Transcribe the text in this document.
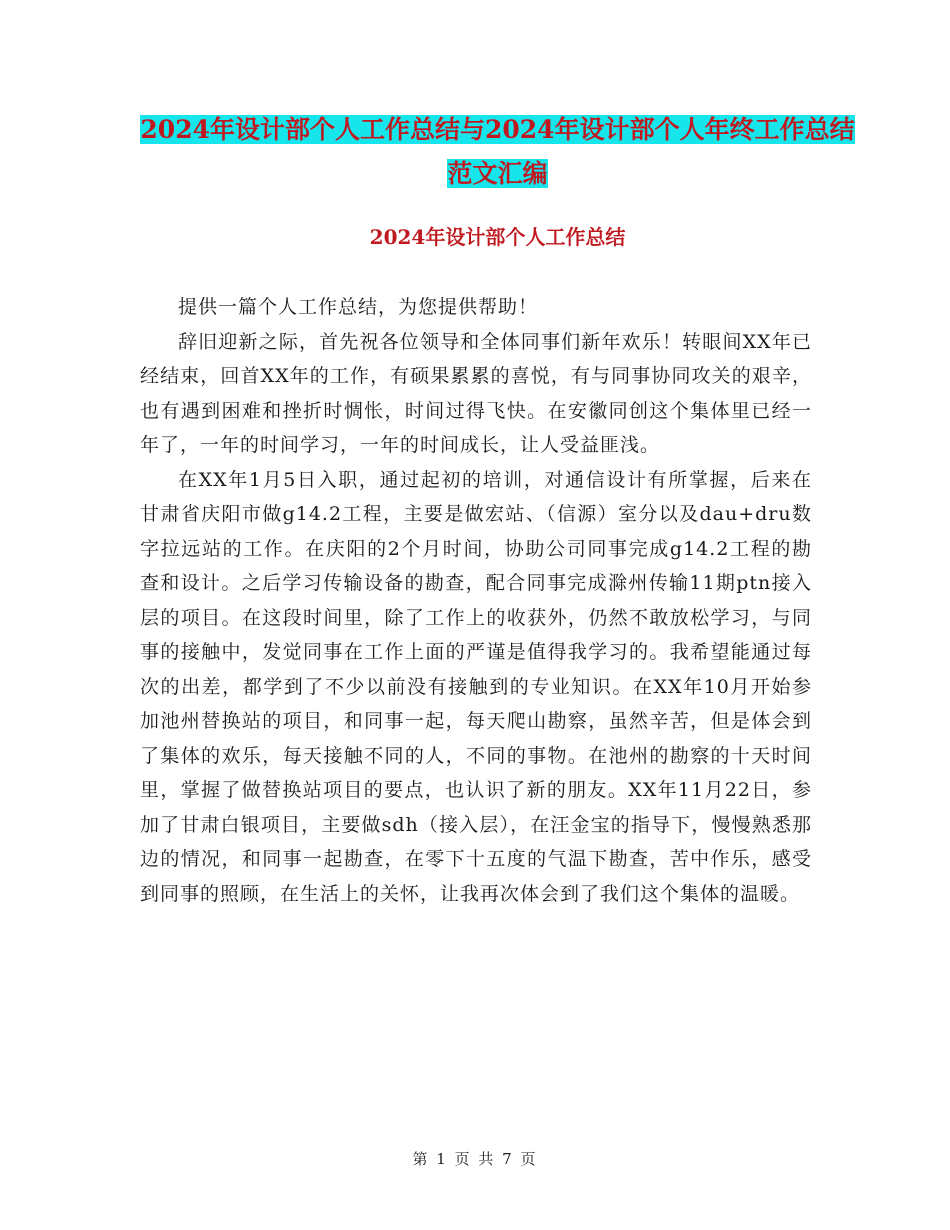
2024年设计部个人工作总结与2024年设计部个人年终工作总结范文汇编
2024年设计部个人工作总结

提供一篇个人工作总结，为您提供帮助！

辞旧迎新之际，首先祝各位领导和全体同事们新年欢乐！转眼间XX年已经结束，回首XX年的工作，有硕果累累的喜悦，有与同事协同攻关的艰辛，也有遇到困难和挫折时惆怅，时间过得飞快。在安徽同创这个集体里已经一年了，一年的时间学习，一年的时间成长，让人受益匪浅。

在XX年1月5日入职，通过起初的培训，对通信设计有所掌握，后来在甘肃省庆阳市做g14.2工程，主要是做宏站、（信源）室分以及dau+dru数字拉远站的工作。在庆阳的2个月时间，协助公司同事完成g14.2工程的勘查和设计。之后学习传输设备的勘查，配合同事完成滁州传输11期ptn接入层的项目。在这段时间里，除了工作上的收获外，仍然不敢放松学习，与同事的接触中，发觉同事在工作上面的严谨是值得我学习的。我希望能通过每次的出差，都学到了不少以前没有接触到的专业知识。在XX年10月开始参加池州替换站的项目，和同事一起，每天爬山勘察，虽然辛苦，但是体会到了集体的欢乐，每天接触不同的人，不同的事物。在池州的勘察的十天时间里，掌握了做替换站项目的要点，也认识了新的朋友。XX年11月22日，参加了甘肃白银项目，主要做sdh（接入层），在汪金宝的指导下，慢慢熟悉那边的情况，和同事一起勘查，在零下十五度的气温下勘查，苦中作乐，感受到同事的照顾，在生活上的关怀，让我再次体会到了我们这个集体的温暖。

第 1 页 共 7 页
